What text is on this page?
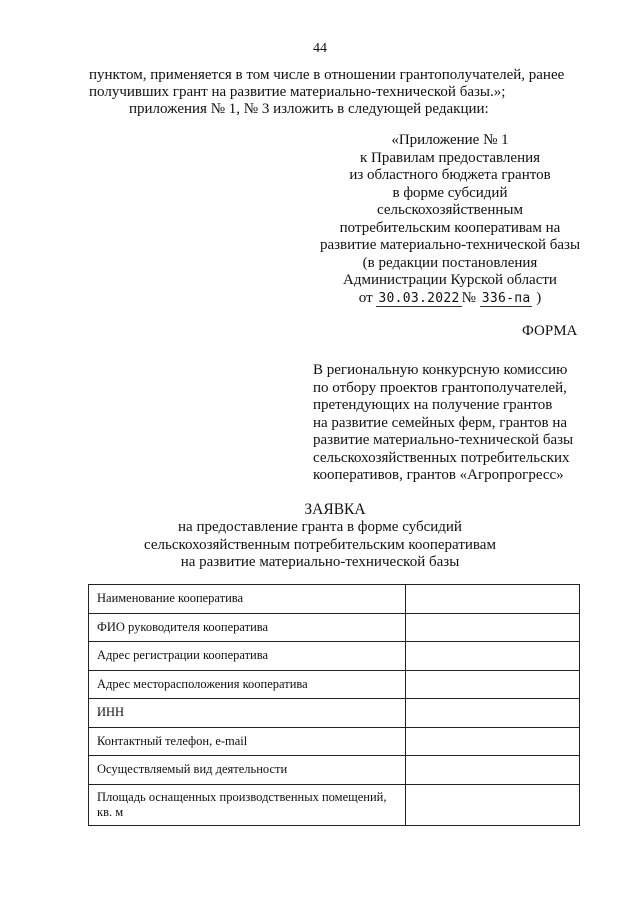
44
пунктом, применяется в том числе в отношении грантополучателей, ранее
получивших грант на развитие материально-технической базы.»;
приложения № 1, № 3 изложить в следующей редакции:
«Приложение № 1
к Правилам предоставления
из областного бюджета грантов
в форме субсидий
сельскохозяйственным
потребительским кооперативам на
развитие материально-технической базы
(в редакции постановления
Администрации Курской области
от 30.03.2022 № 336-па )
ФОРМА
В региональную конкурсную комиссию
по отбору проектов грантополучателей,
претендующих на получение грантов
на развитие семейных ферм, грантов на
развитие материально-технической базы
сельскохозяйственных потребительских
кооперативов, грантов «Агропрогресс»
ЗАЯВКА
на предоставление гранта в форме субсидий
сельскохозяйственным потребительским кооперативам
на развитие материально-технической базы
Наименование кооператива	
ФИО руководителя кооператива	
Адрес регистрации кооператива	
Адрес месторасположения кооператива	
ИНН	
Контактный телефон, e-mail	
Осуществляемый вид деятельности	
Площадь оснащенных производственных помещений, кв. м	
